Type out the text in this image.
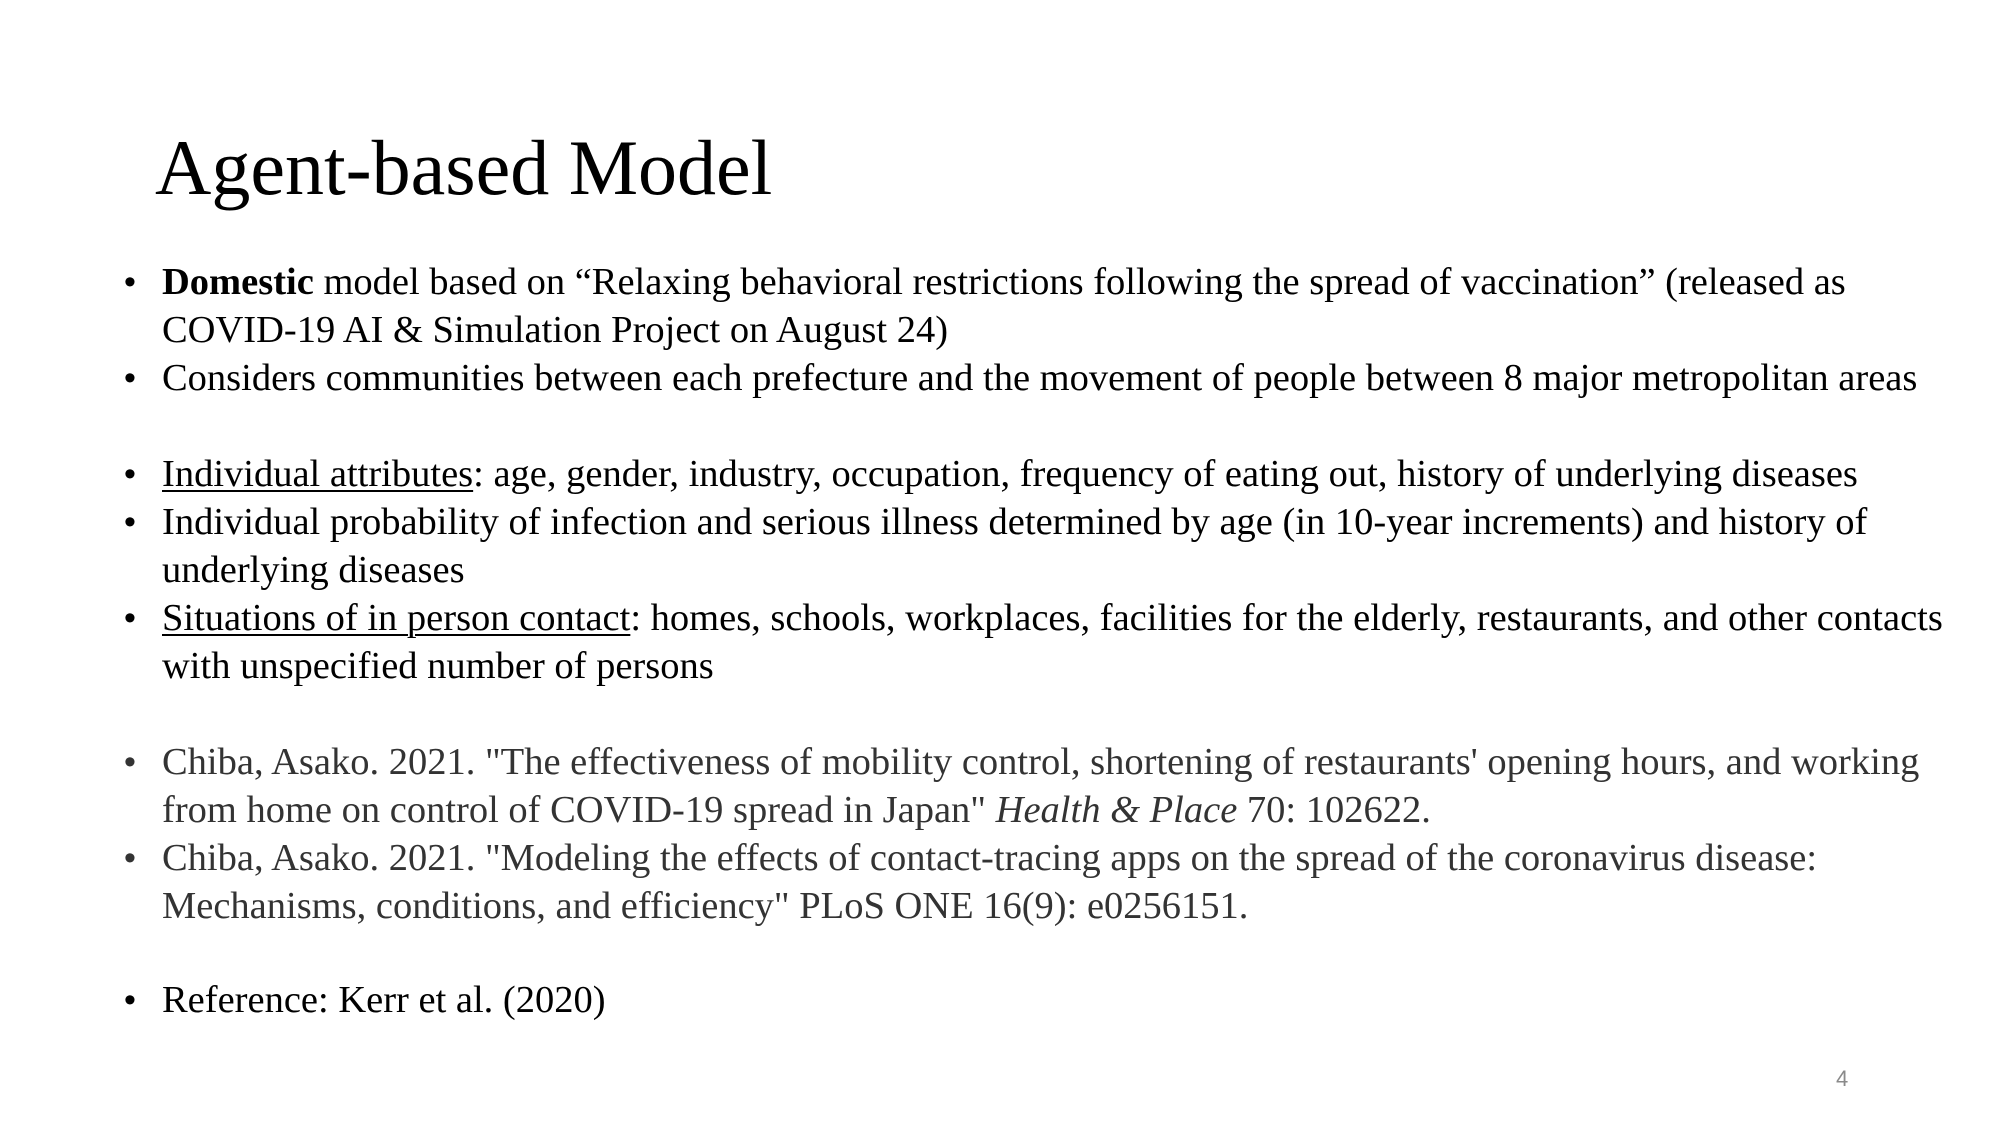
Agent-based Model
• Domestic model based on “Relaxing behavioral restrictions following the spread of vaccination” (released as COVID-19 AI & Simulation Project on August 24)
• Considers communities between each prefecture and the movement of people between 8 major metropolitan areas
• Individual attributes: age, gender, industry, occupation, frequency of eating out, history of underlying diseases
• Individual probability of infection and serious illness determined by age (in 10-year increments) and history of underlying diseases
• Situations of in person contact: homes, schools, workplaces, facilities for the elderly, restaurants, and other contacts with unspecified number of persons
• Chiba, Asako. 2021. "The effectiveness of mobility control, shortening of restaurants' opening hours, and working from home on control of COVID-19 spread in Japan" Health & Place 70: 102622.
• Chiba, Asako. 2021. "Modeling the effects of contact-tracing apps on the spread of the coronavirus disease: Mechanisms, conditions, and efficiency" PLoS ONE 16(9): e0256151.
• Reference: Kerr et al. (2020)
4
